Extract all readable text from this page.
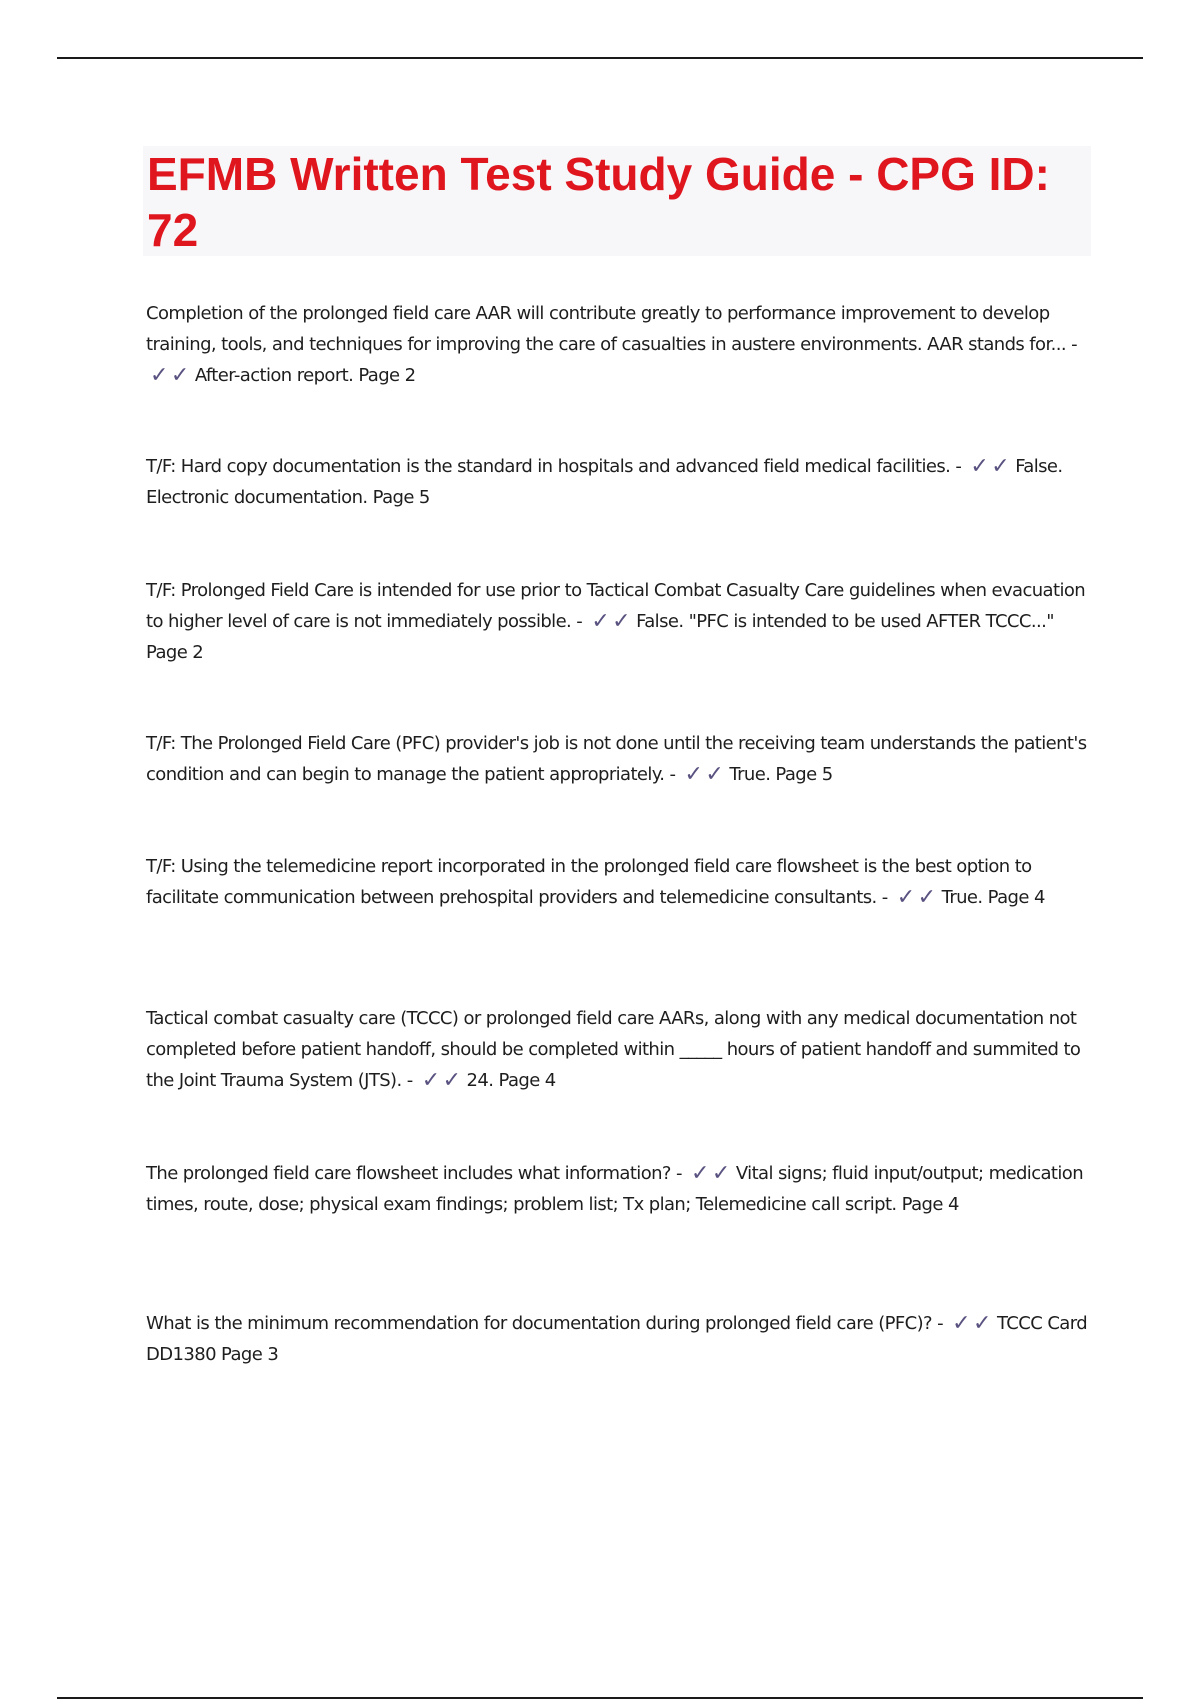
EFMB Written Test Study Guide - CPG ID: 72

Completion of the prolonged field care AAR will contribute greatly to performance improvement to develop training, tools, and techniques for improving the care of casualties in austere environments. AAR stands for... - ✓ ✓ After-action report. Page 2

T/F: Hard copy documentation is the standard in hospitals and advanced field medical facilities. - ✓ ✓ False. Electronic documentation. Page 5

T/F: Prolonged Field Care is intended for use prior to Tactical Combat Casualty Care guidelines when evacuation to higher level of care is not immediately possible. - ✓ ✓ False. "PFC is intended to be used AFTER TCCC..." Page 2

T/F: The Prolonged Field Care (PFC) provider's job is not done until the receiving team understands the patient's condition and can begin to manage the patient appropriately. - ✓ ✓ True. Page 5

T/F: Using the telemedicine report incorporated in the prolonged field care flowsheet is the best option to facilitate communication between prehospital providers and telemedicine consultants. - ✓ ✓ True. Page 4

Tactical combat casualty care (TCCC) or prolonged field care AARs, along with any medical documentation not completed before patient handoff, should be completed within _____ hours of patient handoff and summited to the Joint Trauma System (JTS). - ✓ ✓ 24. Page 4

The prolonged field care flowsheet includes what information? - ✓ ✓ Vital signs; fluid input/output; medication times, route, dose; physical exam findings; problem list; Tx plan; Telemedicine call script. Page 4

What is the minimum recommendation for documentation during prolonged field care (PFC)? - ✓ ✓ TCCC Card DD1380 Page 3
